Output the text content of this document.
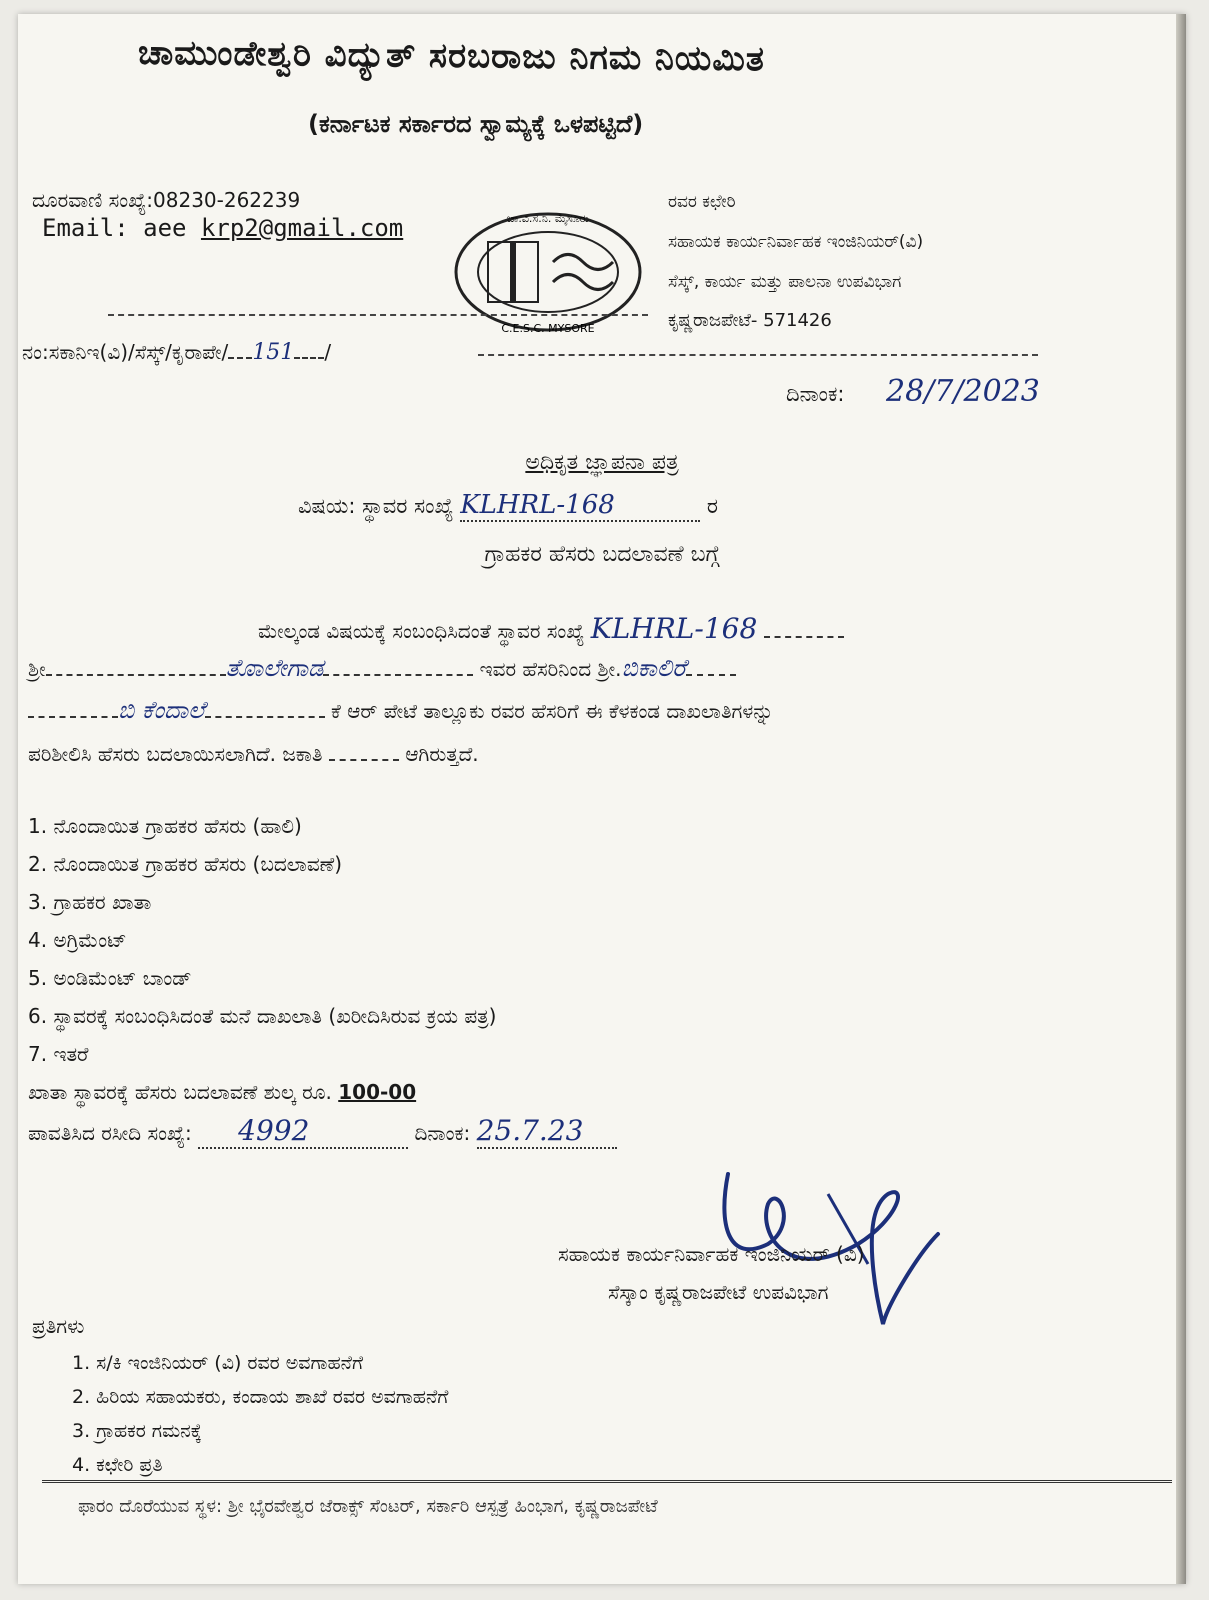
ಚಾಮುಂಡೇಶ್ವರಿ ವಿದ್ಯುತ್ ಸರಬರಾಜು ನಿಗಮ ನಿಯಮಿತ
(ಕರ್ನಾಟಕ ಸರ್ಕಾರದ ಸ್ವಾಮ್ಯಕ್ಕೆ ಒಳಪಟ್ಟಿದೆ)
ದೂರವಾಣಿ ಸಂಖ್ಯೆ:08230-262239
Email: aee krp2@gmail.com	ಚಾ.ವಿ.ಸ.ನಿ. ಮೈಸೂರು
C.E.S.C. MYSORE
ರವರ ಕಛೇರಿ
ಸಹಾಯಕ ಕಾರ್ಯನಿರ್ವಾಹಕ ಇಂಜಿನಿಯರ್(ವಿ)
ಸೆಸ್ಕ್, ಕಾರ್ಯ ಮತ್ತು ಪಾಲನಾ ಉಪವಿಭಾಗ
ಕೃಷ್ಣರಾಜಪೇಟೆ- 571426
ನಂ:ಸಕಾನಿಇ(ವಿ)/ಸೆಸ್ಕ್/ಕೃರಾಪೇ/ 151 /
ದಿನಾಂಕ: 28/7/2023
ಅಧಿಕೃತ ಜ್ಞಾಪನಾ ಪತ್ರ
ವಿಷಯ: ಸ್ಥಾವರ ಸಂಖ್ಯೆ KLHRL-168	ರ
ಗ್ರಾಹಕರ ಹೆಸರು ಬದಲಾವಣೆ ಬಗ್ಗೆ
ಮೇಲ್ಕಂಡ ವಿಷಯಕ್ಕೆ ಸಂಬಂಧಿಸಿದಂತೆ ಸ್ಥಾವರ ಸಂಖ್ಯೆ KLHRL-168
ಶ್ರೀ	ತೊಾಲೇಗಾಡ	ಇವರ ಹೆಸರಿನಿಂದ ಶ್ರೀ.ಬಿಕಾಲಿರೆ
ಬಿ ಕೆಂದಾಲೆ	ಕೆ ಆರ್ ಪೇಟೆ ತಾಲ್ಲೂಕು ರವರ ಹೆಸರಿಗೆ ಈ ಕೆಳಕಂಡ ದಾಖಲಾತಿಗಳನ್ನು
ಪರಿಶೀಲಿಸಿ ಹೆಸರು ಬದಲಾಯಿಸಲಾಗಿದೆ. ಜಕಾತಿ	ಆಗಿರುತ್ತದೆ.
1. ನೊಂದಾಯಿತ ಗ್ರಾಹಕರ ಹೆಸರು (ಹಾಲಿ)
2. ನೊಂದಾಯಿತ ಗ್ರಾಹಕರ ಹೆಸರು (ಬದಲಾವಣೆ)
3. ಗ್ರಾಹಕರ ಖಾತಾ
4. ಅಗ್ರಿಮೆಂಟ್
5. ಅಂಡಿಮೆಂಟ್ ಬಾಂಡ್
6. ಸ್ಥಾವರಕ್ಕೆ ಸಂಬಂಧಿಸಿದಂತೆ ಮನೆ ದಾಖಲಾತಿ (ಖರೀದಿಸಿರುವ ಕ್ರಯ ಪತ್ರ)
7. ಇತರೆ
ಖಾತಾ ಸ್ಥಾವರಕ್ಕೆ ಹೆಸರು ಬದಲಾವಣೆ ಶುಲ್ಕ ರೂ. 100-00
ಪಾವತಿಸಿದ ರಸೀದಿ ಸಂಖ್ಯೆ: 4992	ದಿನಾಂಕ: 25.7.23
ಸಹಾಯಕ ಕಾರ್ಯನಿರ್ವಾಹಕ ಇಂಜಿನಿಯರ್ (ವಿ)
ಸೆಸ್ಕಾಂ ಕೃಷ್ಣರಾಜಪೇಟೆ ಉಪವಿಭಾಗ
ಪ್ರತಿಗಳು
1. ಸ/ಕಿ ಇಂಜಿನಿಯರ್ (ವಿ) ರವರ ಅವಗಾಹನೆಗೆ
2. ಹಿರಿಯ ಸಹಾಯಕರು, ಕಂದಾಯ ಶಾಖೆ ರವರ ಅವಗಾಹನೆಗೆ
3. ಗ್ರಾಹಕರ ಗಮನಕ್ಕೆ
4. ಕಛೇರಿ ಪ್ರತಿ
ಫಾರಂ ದೊರೆಯುವ ಸ್ಥಳ: ಶ್ರೀ ಭೈರವೇಶ್ವರ ಜೆರಾಕ್ಸ್ ಸೆಂಟರ್, ಸರ್ಕಾರಿ ಆಸ್ಪತ್ರೆ ಹಿಂಭಾಗ, ಕೃಷ್ಣರಾಜಪೇಟೆ
